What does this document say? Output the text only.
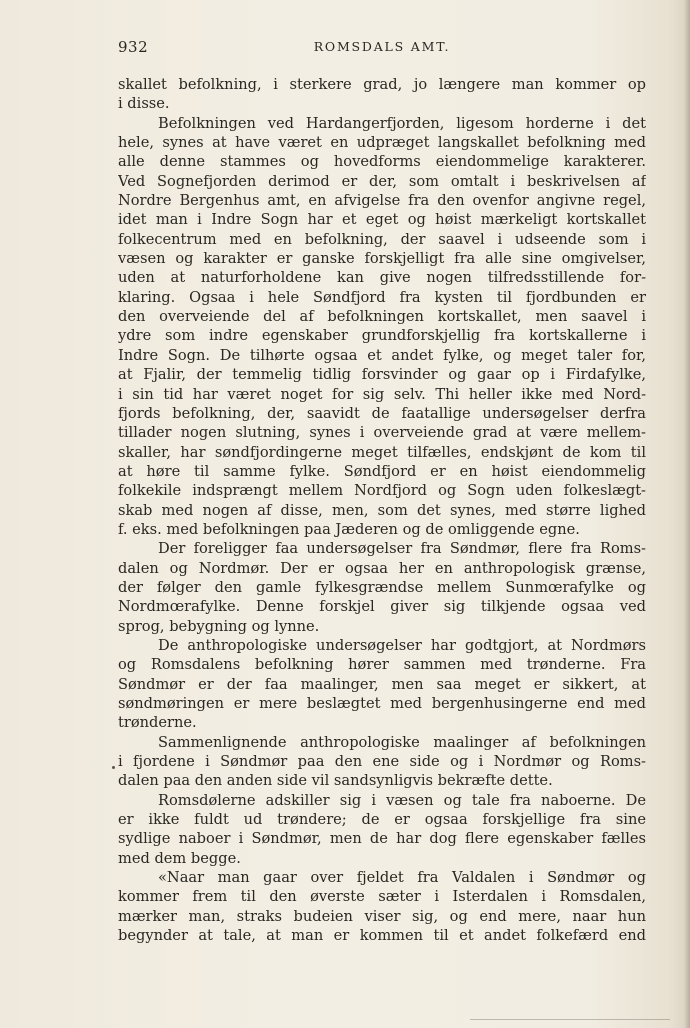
932	ROMSDALS AMT.
skallet befolkning, i sterkere grad, jo længere man kommer op
i disse.
Befolkningen ved Hardangerfjorden, ligesom horderne i det
hele, synes at have været en udpræget langskallet befolkning med
alle denne stammes og hovedforms eiendommelige karakterer.
Ved Sognefjorden derimod er der, som omtalt i beskrivelsen af
Nordre Bergenhus amt, en afvigelse fra den ovenfor angivne regel,
idet man i Indre Sogn har et eget og høist mærkeligt kortskallet
folkecentrum med en befolkning, der saavel i udseende som i
væsen og karakter er ganske forskjelligt fra alle sine omgivelser,
uden at naturforholdene kan give nogen tilfredsstillende for-
klaring. Ogsaa i hele Søndfjord fra kysten til fjordbunden er
den overveiende del af befolkningen kortskallet, men saavel i
ydre som indre egenskaber grundforskjellig fra kortskallerne i
Indre Sogn. De tilhørte ogsaa et andet fylke, og meget taler for,
at Fjalir, der temmelig tidlig forsvinder og gaar op i Firdafylke,
i sin tid har været noget for sig selv. Thi heller ikke med Nord-
fjords befolkning, der, saavidt de faatallige undersøgelser derfra
tillader nogen slutning, synes i overveiende grad at være mellem-
skaller, har søndfjordingerne meget tilfælles, endskjønt de kom til
at høre til samme fylke. Søndfjord er en høist eiendommelig
folkekile indsprængt mellem Nordfjord og Sogn uden folkeslægt-
skab med nogen af disse, men, som det synes, med større lighed
f. eks. med befolkningen paa Jæderen og de omliggende egne.
Der foreligger faa undersøgelser fra Søndmør, flere fra Roms-
dalen og Nordmør. Der er ogsaa her en anthropologisk grænse,
der følger den gamle fylkesgrændse mellem Sunmœrafylke og
Nordmœrafylke. Denne forskjel giver sig tilkjende ogsaa ved
sprog, bebygning og lynne.
De anthropologiske undersøgelser har godtgjort, at Nordmørs
og Romsdalens befolkning hører sammen med trønderne. Fra
Søndmør er der faa maalinger, men saa meget er sikkert, at
søndmøringen er mere beslægtet med bergenhusingerne end med
trønderne.
Sammenlignende anthropologiske maalinger af befolkningen
i fjordene i Søndmør paa den ene side og i Nordmør og Roms-
dalen paa den anden side vil sandsynligvis bekræfte dette.
Romsdølerne adskiller sig i væsen og tale fra naboerne. De
er ikke fuldt ud trøndere; de er ogsaa forskjellige fra sine
sydlige naboer i Søndmør, men de har dog flere egenskaber fælles
med dem begge.
«Naar man gaar over fjeldet fra Valdalen i Søndmør og
kommer frem til den øverste sæter i Isterdalen i Romsdalen,
mærker man, straks budeien viser sig, og end mere, naar hun
begynder at tale, at man er kommen til et andet folkefærd end
